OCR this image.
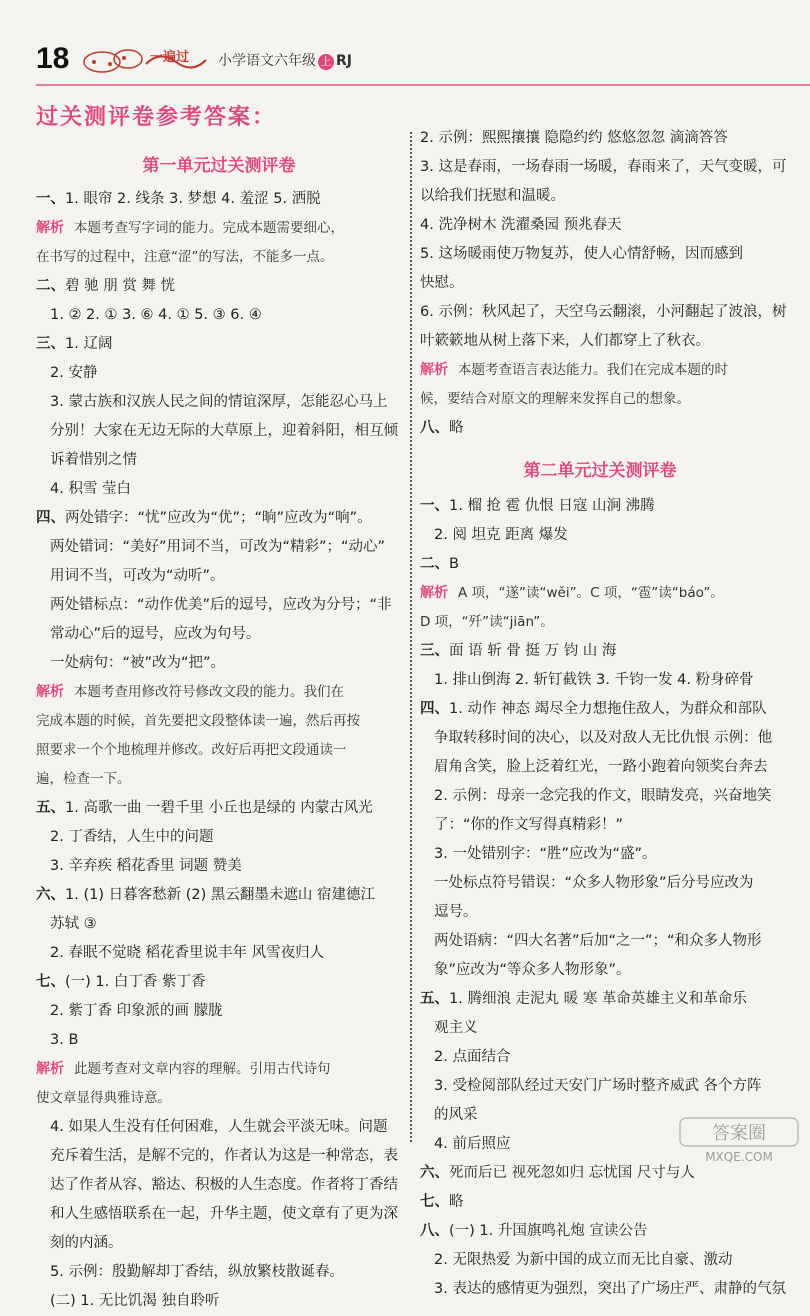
18	一遍过 小学语文六年级 上 RJ
过关测评卷参考答案：
第一单元过关测评卷
一、1. 眼帘 2. 线条 3. 梦想 4. 羞涩 5. 洒脱
解析 本题考查写字词的能力。完成本题需要细心，
在书写的过程中，注意“涩”的写法，不能多一点。
二、碧 驰 朋 赏 舞 恍
1. ② 2. ① 3. ⑥ 4. ① 5. ③ 6. ④
三、1. 辽阔
2. 安静
3. 蒙古族和汉族人民之间的情谊深厚，怎能忍心马上
分别！大家在无边无际的大草原上，迎着斜阳，相互倾
诉着惜别之情
4. 积雪 莹白
四、两处错字：“忧”应改为“优”；“晌”应改为“响”。
两处错词：“美好”用词不当，可改为“精彩”；“动心”
用词不当，可改为“动听”。
两处错标点：“动作优美”后的逗号，应改为分号；“非
常动心”后的逗号，应改为句号。
一处病句：“被”改为“把”。
解析 本题考查用修改符号修改文段的能力。我们在
完成本题的时候，首先要把文段整体读一遍，然后再按
照要求一个个地梳理并修改。改好后再把文段通读一
遍，检查一下。
五、1. 高歌一曲 一碧千里 小丘也是绿的 内蒙古风光
2. 丁香结，人生中的问题
3. 辛弃疾 稻花香里 词题 赞美
六、1. (1) 日暮客愁新 (2) 黑云翻墨未遮山 宿建德江
苏轼 ③
2. 春眠不觉晓 稻花香里说丰年 风雪夜归人
七、(一) 1. 白丁香 紫丁香
2. 紫丁香 印象派的画 朦胧
3. B
解析 此题考查对文章内容的理解。引用古代诗句
使文章显得典雅诗意。
4. 如果人生没有任何困难，人生就会平淡无味。问题
充斥着生活，是解不完的，作者认为这是一种常态，表
达了作者从容、豁达、积极的人生态度。作者将丁香结
和人生感悟联系在一起，升华主题，使文章有了更为深
刻的内涵。
5. 示例：殷勤解却丁香结，纵放繁枝散诞春。
(二) 1. 无比饥渴 独自聆听
2. 示例：熙熙攘攘 隐隐约约 悠悠忽忽 滴滴答答
3. 这是春雨，一场春雨一场暖，春雨来了，天气变暖，可
以给我们抚慰和温暖。
4. 洗净树木 洗濯桑园 预兆春天
5. 这场暖雨使万物复苏，使人心情舒畅，因而感到
快慰。
6. 示例：秋风起了，天空乌云翻滚，小河翻起了波浪，树
叶簌簌地从树上落下来，人们都穿上了秋衣。
解析 本题考查语言表达能力。我们在完成本题的时
候，要结合对原文的理解来发挥自己的想象。
八、略
第二单元过关测评卷
一、1. 榴 抢 雹 仇恨 日寇 山涧 沸腾
2. 阅 坦克 距离 爆发
二、B
解析 A 项，“遂”读“wěi”。C 项，“雹”读“báo”。
D 项，“歼”读“jiān”。
三、面 语 斩 骨 挺 万 钧 山 海
1. 排山倒海 2. 斩钉截铁 3. 千钧一发 4. 粉身碎骨
四、1. 动作 神态 竭尽全力想拖住敌人，为群众和部队
争取转移时间的决心，以及对敌人无比仇恨 示例：他
眉角含笑，脸上泛着红光，一路小跑着向领奖台奔去
2. 示例：母亲一念完我的作文，眼睛发亮，兴奋地笑
了：“你的作文写得真精彩！”
3. 一处错别字：“胜”应改为“盛”。
一处标点符号错误：“众多人物形象”后分号应改为
逗号。
两处语病：“四大名著”后加“之一”；“和众多人物形
象”应改为“等众多人物形象”。
五、1. 腾细浪 走泥丸 暖 寒 革命英雄主义和革命乐
观主义
2. 点面结合
3. 受检阅部队经过天安门广场时整齐威武 各个方阵
的风采
4. 前后照应
六、死而后已 视死忽如归 忘忧国 尺寸与人
七、略
八、(一) 1. 升国旗鸣礼炮 宣读公告
2. 无限热爱 为新中国的成立而无比自豪、激动
3. 表达的感情更为强烈，突出了广场庄严、肃静的气氛
答案圈
MXQE.COM
